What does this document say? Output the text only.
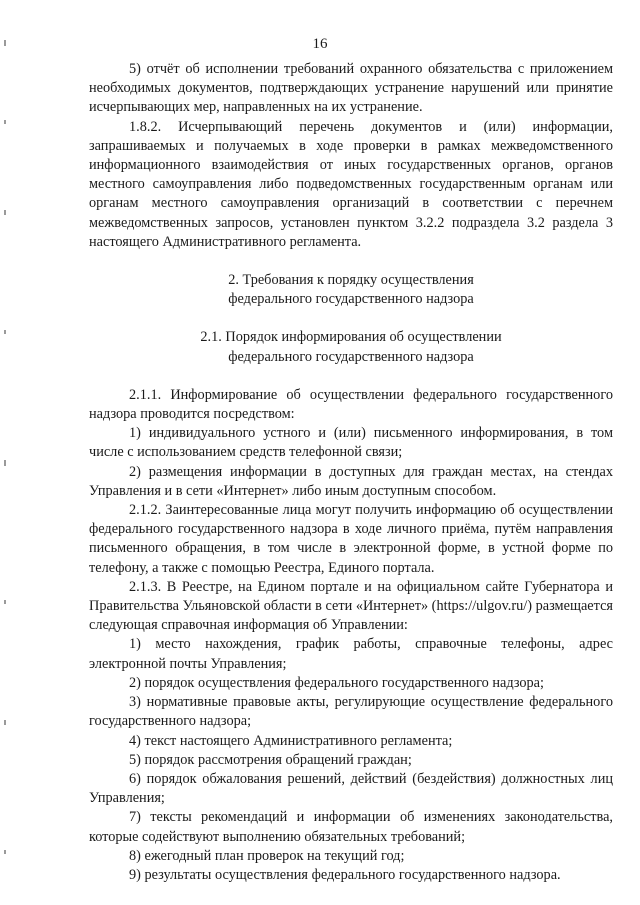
16

5) отчёт об исполнении требований охранного обязательства с приложением необходимых документов, подтверждающих устранение нарушений или принятие исчерпывающих мер, направленных на их устранение.

1.8.2. Исчерпывающий перечень документов и (или) информации, запрашиваемых и получаемых в ходе проверки в рамках межведомственного информационного взаимодействия от иных государственных органов, органов местного самоуправления либо подведомственных государственным органам или органам местного самоуправления организаций в соответствии с перечнем межведомственных запросов, установлен пунктом 3.2.2 подраздела 3.2 раздела 3 настоящего Административного регламента.

2. Требования к порядку осуществления

федерального государственного надзора

2.1. Порядок информирования об осуществлении

федерального государственного надзора

2.1.1. Информирование об осуществлении федерального государственного надзора проводится посредством:

1) индивидуального устного и (или) письменного информирования, в том числе с использованием средств телефонной связи;

2) размещения информации в доступных для граждан местах, на стендах Управления и в сети «Интернет» либо иным доступным способом.

2.1.2. Заинтересованные лица могут получить информацию об осуществлении федерального государственного надзора в ходе личного приёма, путём направления письменного обращения, в том числе в электронной форме, в устной форме по телефону, а также с помощью Реестра, Единого портала.

2.1.3. В Реестре, на Едином портале и на официальном сайте Губернатора и Правительства Ульяновской области в сети «Интернет» (https://ulgov.ru/) размещается следующая справочная информация об Управлении:

1) место нахождения, график работы, справочные телефоны, адрес электронной почты Управления;

2) порядок осуществления федерального государственного надзора;

3) нормативные правовые акты, регулирующие осуществление федерального государственного надзора;

4) текст настоящего Административного регламента;

5) порядок рассмотрения обращений граждан;

6) порядок обжалования решений, действий (бездействия) должностных лиц Управления;

7) тексты рекомендаций и информации об изменениях законодательства, которые содействуют выполнению обязательных требований;

8) ежегодный план проверок на текущий год;

9) результаты осуществления федерального государственного надзора.
